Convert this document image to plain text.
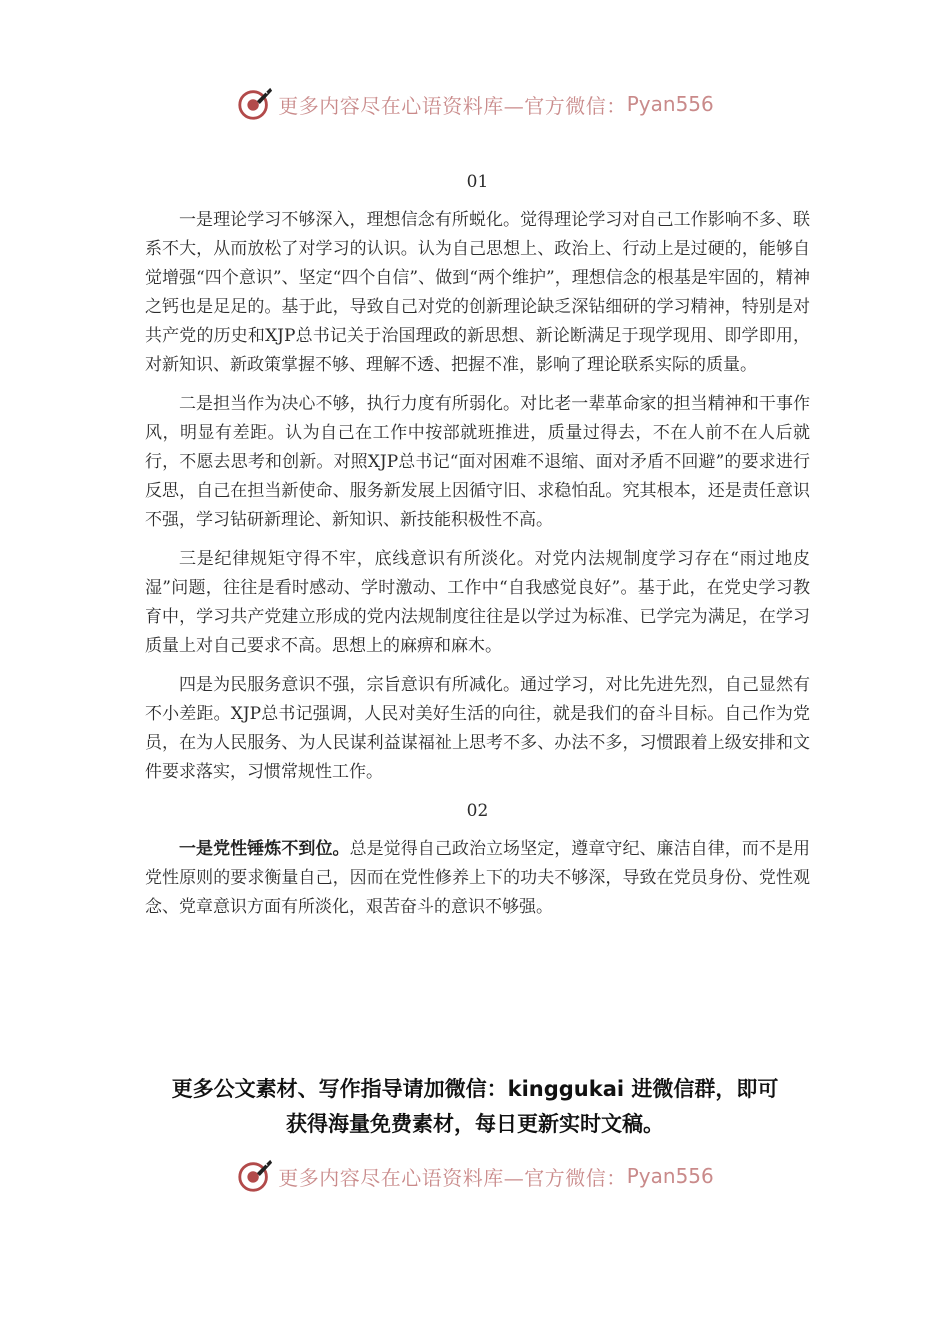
更多内容尽在心语资料库—官方微信： Pyan556
01

一是理论学习不够深入，理想信念有所蜕化。觉得理论学习对自己工作影响不多、联系不大，从而放松了对学习的认识。认为自己思想上、政治上、行动上是过硬的，能够自觉增强“四个意识”、坚定“四个自信”、做到“两个维护”，理想信念的根基是牢固的，精神之钙也是足足的。基于此，导致自己对党的创新理论缺乏深钻细研的学习精神，特别是对共产党的历史和XJP总书记关于治国理政的新思想、新论断满足于现学现用、即学即用，对新知识、新政策掌握不够、理解不透、把握不准，影响了理论联系实际的质量。

二是担当作为决心不够，执行力度有所弱化。对比老一辈革命家的担当精神和干事作风，明显有差距。认为自己在工作中按部就班推进，质量过得去，不在人前不在人后就行，不愿去思考和创新。对照XJP总书记“面对困难不退缩、面对矛盾不回避”的要求进行反思，自己在担当新使命、服务新发展上因循守旧、求稳怕乱。究其根本，还是责任意识不强，学习钻研新理论、新知识、新技能积极性不高。

三是纪律规矩守得不牢，底线意识有所淡化。对党内法规制度学习存在“雨过地皮湿”问题，往往是看时感动、学时激动、工作中“自我感觉良好”。基于此，在党史学习教育中，学习共产党建立形成的党内法规制度往往是以学过为标准、已学完为满足，在学习质量上对自己要求不高。思想上的麻痹和麻木。

四是为民服务意识不强，宗旨意识有所减化。通过学习，对比先进先烈，自己显然有不小差距。XJP总书记强调，人民对美好生活的向往，就是我们的奋斗目标。自己作为党员，在为人民服务、为人民谋利益谋福祉上思考不多、办法不多，习惯跟着上级安排和文件要求落实，习惯常规性工作。

02

一是党性锤炼不到位。总是觉得自己政治立场坚定，遵章守纪、廉洁自律，而不是用党性原则的要求衡量自己，因而在党性修养上下的功夫不够深，导致在党员身份、党性观念、党章意识方面有所淡化，艰苦奋斗的意识不够强。

更多公文素材、写作指导请加微信：kinggukai 进微信群，即可
获得海量免费素材，每日更新实时文稿。
更多内容尽在心语资料库—官方微信： Pyan556
